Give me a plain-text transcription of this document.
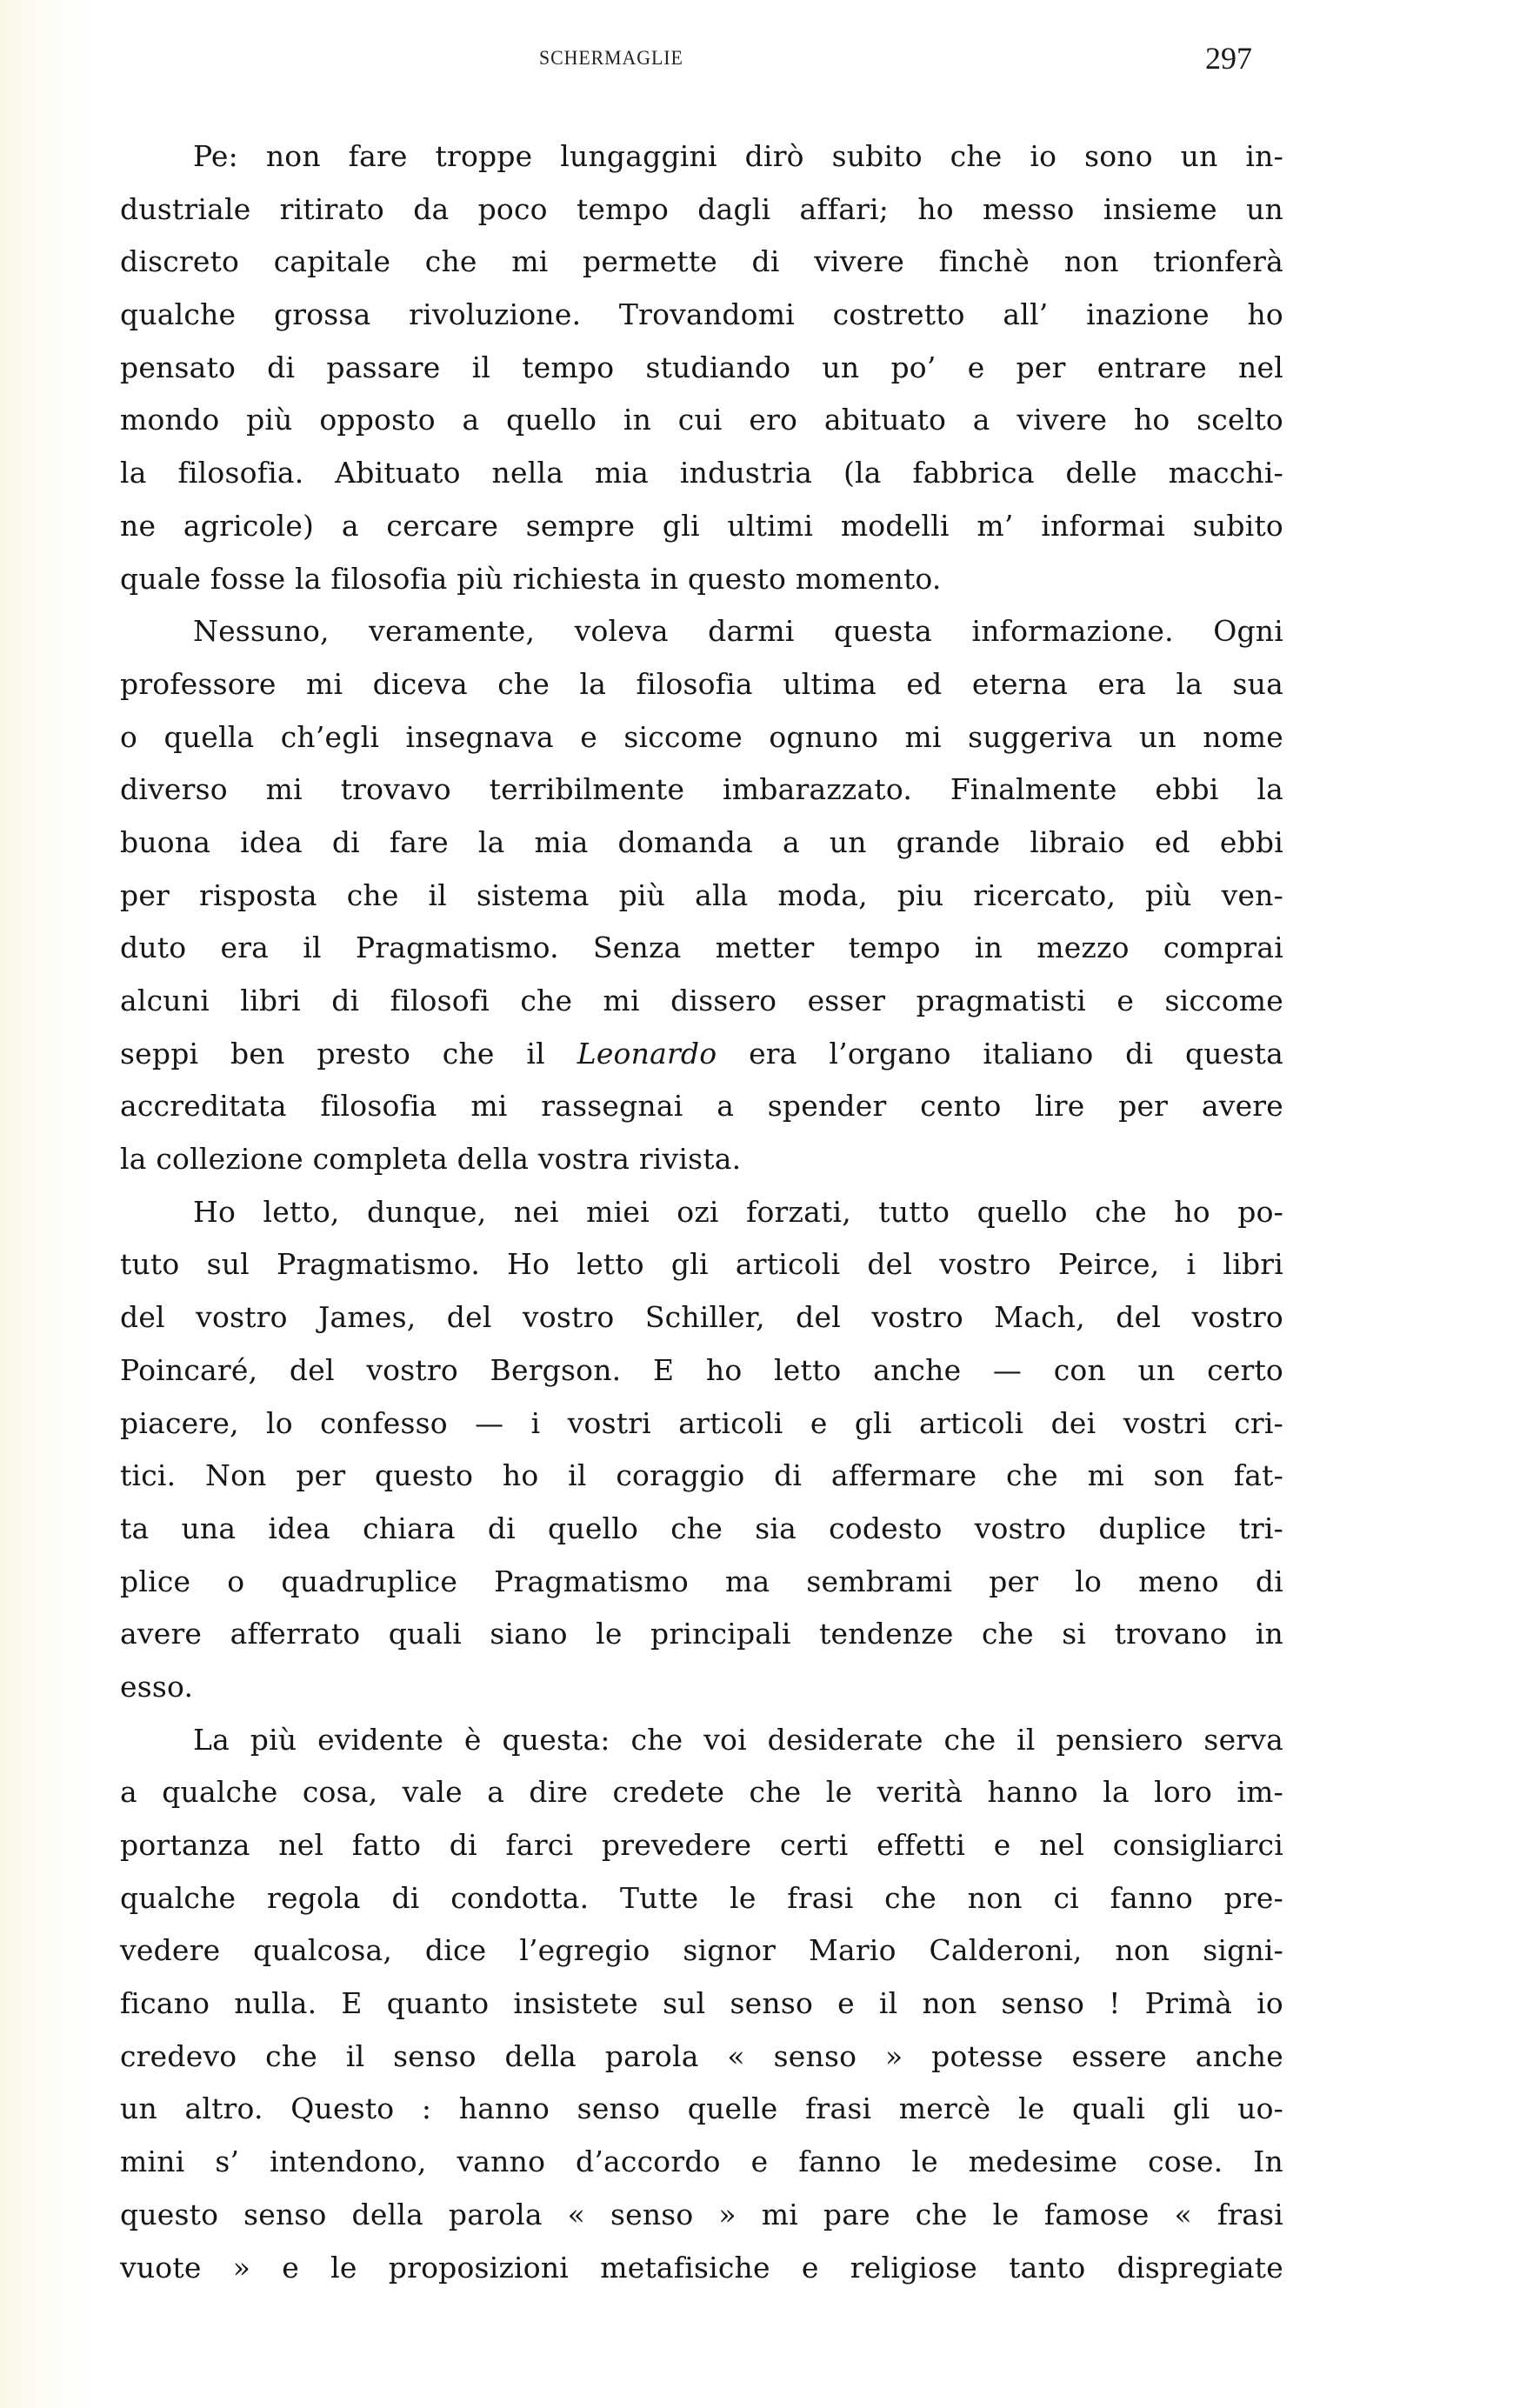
SCHERMAGLIE	297
Pe: non fare troppe lungaggini dirò subito che io sono un in-
dustriale ritirato da poco tempo dagli affari; ho messo insieme un
discreto capitale che mi permette di vivere finchè non trionferà
qualche grossa rivoluzione. Trovandomi costretto all’ inazione ho
pensato di passare il tempo studiando un po’ e per entrare nel
mondo più opposto a quello in cui ero abituato a vivere ho scelto
la filosofia. Abituato nella mia industria (la fabbrica delle macchi-
ne agricole) a cercare sempre gli ultimi modelli m’ informai subito
quale fosse la filosofia più richiesta in questo momento.
Nessuno, veramente, voleva darmi questa informazione. Ogni
professore mi diceva che la filosofia ultima ed eterna era la sua
o quella ch’egli insegnava e siccome ognuno mi suggeriva un nome
diverso mi trovavo terribilmente imbarazzato. Finalmente ebbi la
buona idea di fare la mia domanda a un grande libraio ed ebbi
per risposta che il sistema più alla moda, piu ricercato, più ven-
duto era il Pragmatismo. Senza metter tempo in mezzo comprai
alcuni libri di filosofi che mi dissero esser pragmatisti e siccome
seppi ben presto che il Leonardo era l’organo italiano di questa
accreditata filosofia mi rassegnai a spender cento lire per avere
la collezione completa della vostra rivista.
Ho letto, dunque, nei miei ozi forzati, tutto quello che ho po-
tuto sul Pragmatismo. Ho letto gli articoli del vostro Peirce, i libri
del vostro James, del vostro Schiller, del vostro Mach, del vostro
Poincaré, del vostro Bergson. E ho letto anche — con un certo
piacere, lo confesso — i vostri articoli e gli articoli dei vostri cri-
tici. Non per questo ho il coraggio di affermare che mi son fat-
ta una idea chiara di quello che sia codesto vostro duplice tri-
plice o quadruplice Pragmatismo ma sembrami per lo meno di
avere afferrato quali siano le principali tendenze che si trovano in
esso.
La più evidente è questa: che voi desiderate che il pensiero serva
a qualche cosa, vale a dire credete che le verità hanno la loro im-
portanza nel fatto di farci prevedere certi effetti e nel consigliarci
qualche regola di condotta. Tutte le frasi che non ci fanno pre-
vedere qualcosa, dice l’egregio signor Mario Calderoni, non signi-
ficano nulla. E quanto insistete sul senso e il non senso ! Primà io
credevo che il senso della parola « senso » potesse essere anche
un altro. Questo : hanno senso quelle frasi mercè le quali gli uo-
mini s’ intendono, vanno d’accordo e fanno le medesime cose. In
questo senso della parola « senso » mi pare che le famose « frasi
vuote » e le proposizioni metafisiche e religiose tanto dispregiate
